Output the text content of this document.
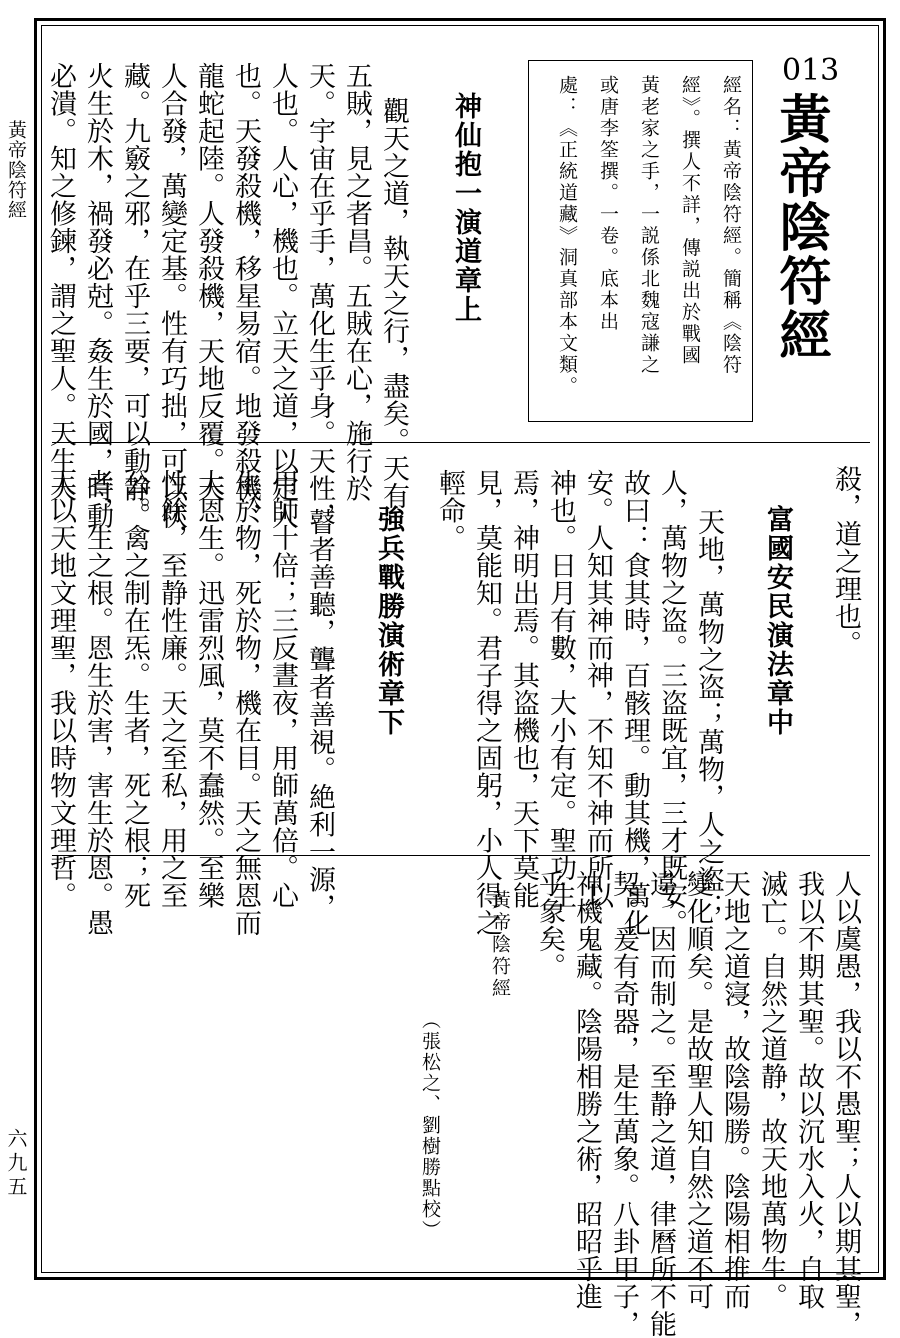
黃帝陰符經
六九五
013
黃帝陰符經
經名：黃帝陰符經。簡稱《陰符
經》。撰人不詳，傳説出於戰國
黃老家之手，一説係北魏寇謙之
或唐李筌撰。一卷。底本出
處：《正統道藏》洞真部本文類。
神仙抱一演道章上
觀天之道，執天之行，盡矣。天有
五賊，見之者昌。五賊在心，施行於
天。宇宙在乎手，萬化生乎身。天性，
人也。人心，機也。立天之道，以定人
也。天發殺機，移星易宿。地發殺機，
龍蛇起陸。人發殺機，天地反覆。天
人合發，萬變定基。性有巧拙，可以伏
藏。九竅之邪，在乎三要，可以動静。
火生於木，禍發必尅。姦生於國，時動
必潰。知之修鍊，謂之聖人。天生天
殺，道之理也。
富國安民演法章中
天地，萬物之盗；萬物，人之盗；
人，萬物之盗。三盗既宜，三才既安。
故曰：食其時，百骸理。動其機，萬化
安。人知其神而神，不知不神而所以
神也。日月有數，大小有定。聖功生
焉，神明出焉。其盗機也，天下莫能
見，莫能知。君子得之固躬，小人得之
輕命。
強兵戰勝演術章下
瞽者善聽，聾者善視。絶利一源，
用師十倍；三反晝夜，用師萬倍。心
生於物，死於物，機在目。天之無恩而
大恩生。迅雷烈風，莫不蠢然。至樂
性餘，至静性廉。天之至私，用之至
公。禽之制在炁。生者，死之根；死
者，生之根。恩生於害，害生於恩。愚
人以天地文理聖，我以時物文理哲。
人以虞愚，我以不愚聖；人以期其聖，
我以不期其聖。故以沉水入火，自取
滅亡。自然之道静，故天地萬物生。
天地之道寖，故陰陽勝。陰陽相推而
變化順矣。是故聖人知自然之道不可
違，因而制之。至静之道，律曆所不能
契。爰有奇器，是生萬象。八卦甲子，
神機鬼藏。陰陽相勝之術，昭昭乎進
乎象矣。
黃帝陰符經
（張松之、劉樹勝點校）
